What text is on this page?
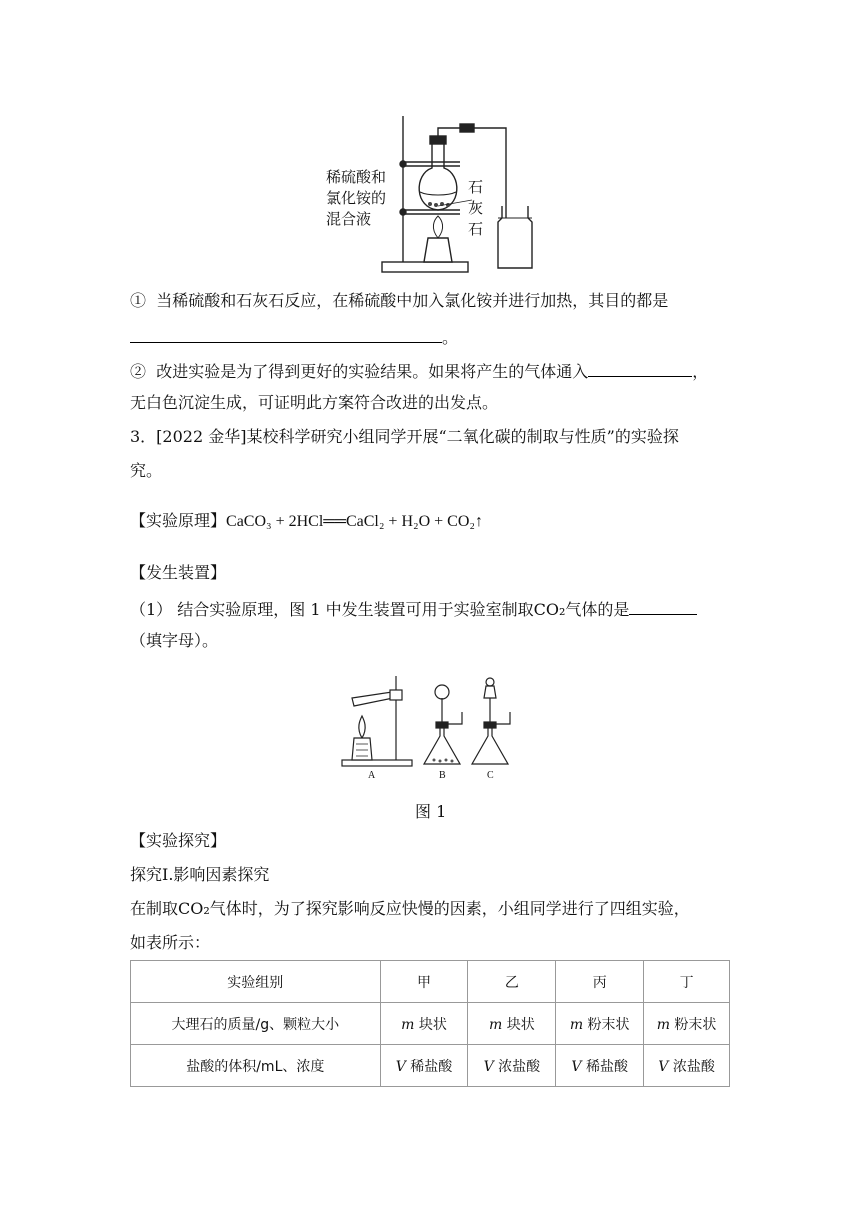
稀硫酸和
氯化铵的
混合液
石
灰
石
① 当稀硫酸和石灰石反应，在稀硫酸中加入氯化铵并进行加热，其目的都是
。
② 改进实验是为了得到更好的实验结果。如果将产生的气体通入	，
无白色沉淀生成，可证明此方案符合改进的出发点。
3．[2022 金华]某校科学研究小组同学开展“二氧化碳的制取与性质”的实验探
究。
【实验原理】CaCO₃ + 2HCl══CaCl₂ + H₂O + CO₂↑
【发生装置】
（1） 结合实验原理，图 1 中发生装置可用于实验室制取CO₂气体的是
（填字母）。
A	B	C
图 1
【实验探究】
探究Ⅰ.影响因素探究
在制取CO₂气体时，为了探究影响反应快慢的因素，小组同学进行了四组实验，
如表所示：
实验组别	甲	乙	丙	丁
大理石的质量/g、颗粒大小	m 块状	m 块状	m 粉末状	m 粉末状
盐酸的体积/mL、浓度	V 稀盐酸	V 浓盐酸	V 稀盐酸	V 浓盐酸
